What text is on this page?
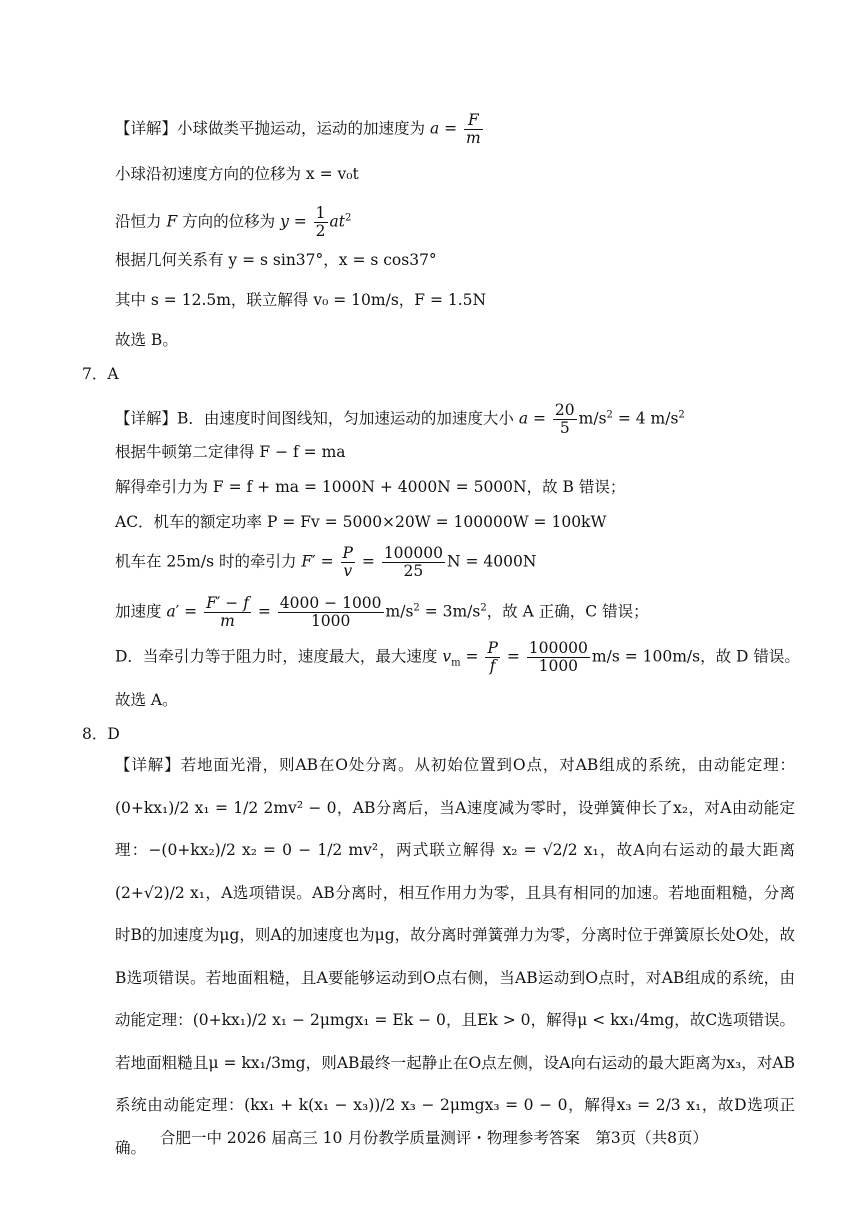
【详解】小球做类平抛运动，运动的加速度为 $a = \frac{F}{m}$
小球沿初速度方向的位移为 x = v₀t
沿恒力 F 方向的位移为 $y = \frac{1}{2} at^2$
根据几何关系有 y = s sin37°，x = s cos37°
其中 s = 12.5m，联立解得 v₀ = 10m/s，F = 1.5N
故选 B。
7．A
【详解】B．由速度时间图线知，匀加速运动的加速度大小 $a = \frac{20}{5} m/s^2 = 4$ $m/s^2$
根据牛顿第二定律得 F − f = ma
解得牵引力为 F = f + ma = 1000N + 4000N = 5000N，故 B 错误；
AC．机车的额定功率 P = Fv = 5000×20W = 100000W = 100kW
机车在 25m/s 时的牵引力 $F' = \frac{P}{v} = \frac{100000}{25}$ N = 4000N
加速度 $a' = \frac{F' - f}{m} = \frac{4000 - 1000}{1000} m/s^2 = 3m/s^2$，故 A 正确，C 错误；
D．当牵引力等于阻力时，速度最大，最大速度 $v_m = \frac{P}{f} = \frac{100000}{1000} m/s = 100m/s$，故 D 错误。
故选 A。
8．D
【详解】若地面光滑，则AB在O处分离。从初始位置到O点，对AB组成的系统，由动能定理：(0+kx₁)/2 x₁ = 1/2 2mv² − 0，AB分离后，当A速度减为零时，设弹簧伸长了x₂，对A由动能定理：−(0+kx₂)/2 x₂ = 0 − 1/2 mv²，两式联立解得 x₂ = √2/2 x₁，故A向右运动的最大距离 (2+√2)/2 x₁，A选项错误。AB分离时，相互作用力为零，且具有相同的加速。若地面粗糙，分离时B的加速度为μg，则A的加速度也为μg，故分离时弹簧弹力为零，分离时位于弹簧原长处O处，故B选项错误。若地面粗糙，且A要能够运动到O点右侧，当AB运动到O点时，对AB组成的系统，由动能定理：(0+kx₁)/2 x₁ − 2μmgx₁ = Ek − 0，且Ek > 0，解得μ < kx₁/4mg，故C选项错误。若地面粗糙且μ = kx₁/3mg，则AB最终一起静止在O点左侧，设A向右运动的最大距离为x₃，对AB系统由动能定理：(kx₁ + k(x₁ − x₃))/2 x₃ − 2μmgx₃ = 0 − 0，解得x₃ = 2/3 x₁，故D选项正确。
合肥一中 2026 届高三 10 月份教学质量测评・物理参考答案　第3页（共8页）
